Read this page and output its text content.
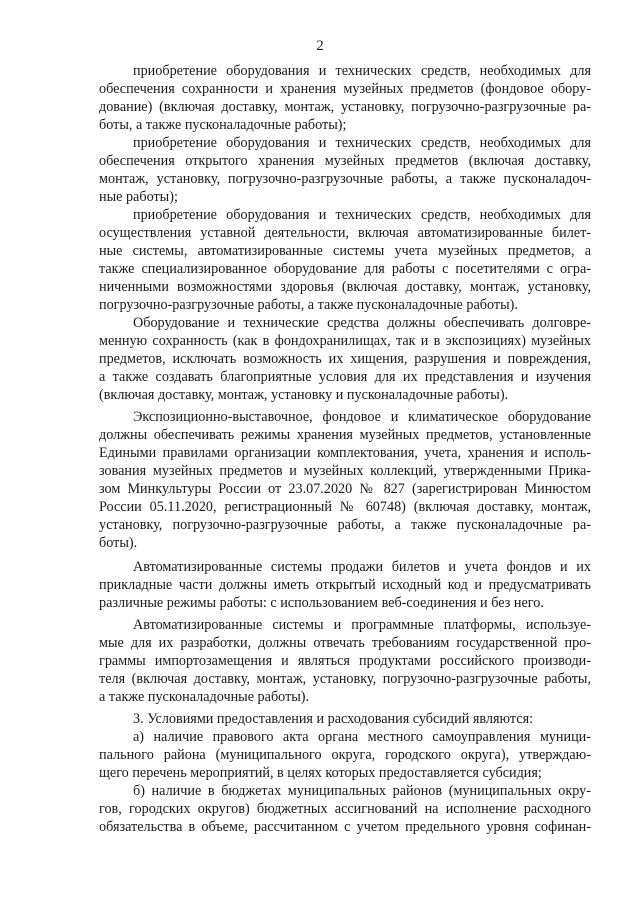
2
приобретение оборудования и технических средств, необходимых для
обеспечения сохранности и хранения музейных предметов (фондовое обору-
дование) (включая доставку, монтаж, установку, погрузочно-разгрузочные ра-
боты, а также пусконаладочные работы);
приобретение оборудования и технических средств, необходимых для
обеспечения открытого хранения музейных предметов (включая доставку,
монтаж, установку, погрузочно-разгрузочные работы, а также пусконаладоч-
ные работы);
приобретение оборудования и технических средств, необходимых для
осуществления уставной деятельности, включая автоматизированные билет-
ные системы, автоматизированные системы учета музейных предметов, а
также специализированное оборудование для работы с посетителями с огра-
ниченными возможностями здоровья (включая доставку, монтаж, установку,
погрузочно-разгрузочные работы, а также пусконаладочные работы).
Оборудование и технические средства должны обеспечивать долговре-
менную сохранность (как в фондохранилищах, так и в экспозициях) музейных
предметов, исключать возможность их хищения, разрушения и повреждения,
а также создавать благоприятные условия для их представления и изучения
(включая доставку, монтаж, установку и пусконаладочные работы).
Экспозиционно-выставочное, фондовое и климатическое оборудование
должны обеспечивать режимы хранения музейных предметов, установленные
Едиными правилами организации комплектования, учета, хранения и исполь-
зования музейных предметов и музейных коллекций, утвержденными Прика-
зом Минкультуры России от 23.07.2020 № 827 (зарегистрирован Минюстом
России 05.11.2020, регистрационный № 60748) (включая доставку, монтаж,
установку, погрузочно-разгрузочные работы, а также пусконаладочные ра-
боты).
Автоматизированные системы продажи билетов и учета фондов и их
прикладные части должны иметь открытый исходный код и предусматривать
различные режимы работы: с использованием веб-соединения и без него.
Автоматизированные системы и программные платформы, используе-
мые для их разработки, должны отвечать требованиям государственной про-
граммы импортозамещения и являться продуктами российского производи-
теля (включая доставку, монтаж, установку, погрузочно-разгрузочные работы,
а также пусконаладочные работы).
3. Условиями предоставления и расходования субсидий являются:
а) наличие правового акта органа местного самоуправления муници-
пального района (муниципального округа, городского округа), утверждаю-
щего перечень мероприятий, в целях которых предоставляется субсидия;
б) наличие в бюджетах муниципальных районов (муниципальных окру-
гов, городских округов) бюджетных ассигнований на исполнение расходного
обязательства в объеме, рассчитанном с учетом предельного уровня софинан-
